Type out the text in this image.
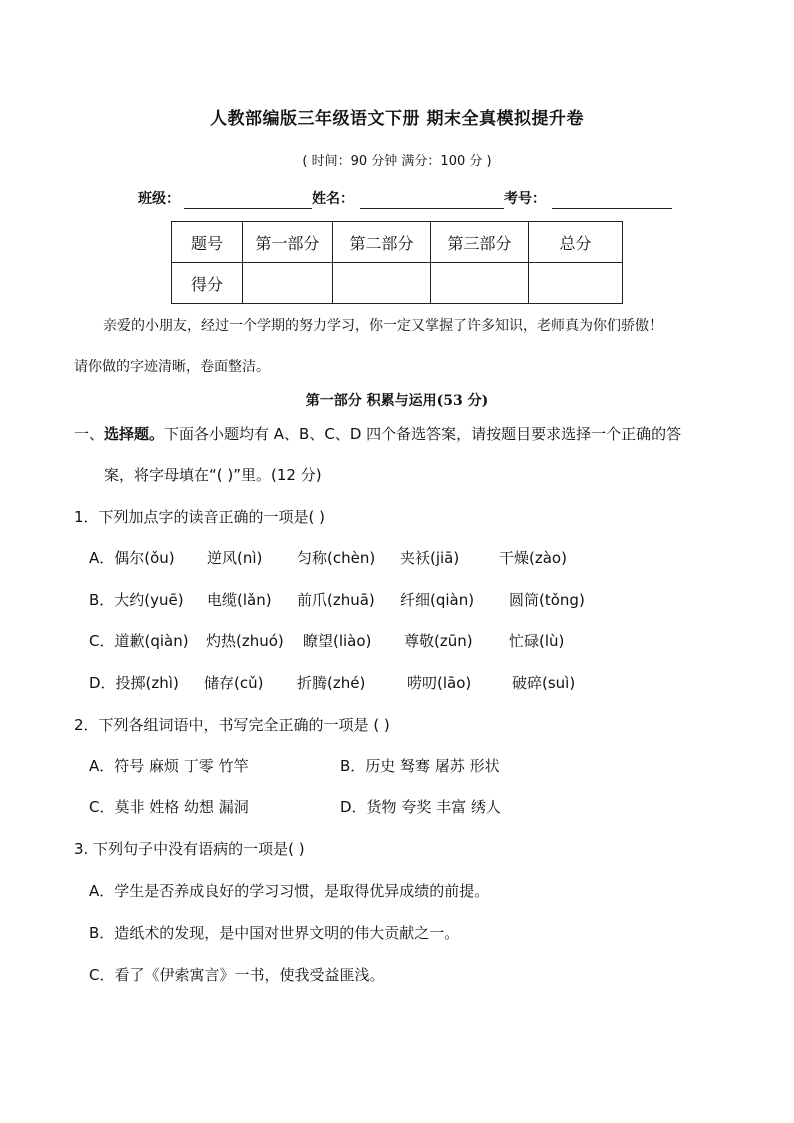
人教部编版三年级语文下册 期末全真模拟提升卷
( 时间：90 分钟 满分：100 分 )
班级：	姓名：	考号：
题号	第一部分	第二部分	第三部分	总分
得分				
亲爱的小朋友，经过一个学期的努力学习，你一定又掌握了许多知识，老师真为你们骄傲！
请你做的字迹清晰，卷面整洁。
第一部分 积累与运用(53 分)
一、选择题。下面各小题均有 A、B、C、D 四个备选答案，请按题目要求选择一个正确的答
案，将字母填在“( )”里。(12 分)
1．下列加点字的读音正确的一项是( )
A．偶尔(ǒu) 逆风(nì) 匀称(chèn) 夹袄(jiā)	干燥(zào)
B．大约(yuē) 电缆(lǎn) 前爪(zhuā) 纤细(qiàn) 圆筒(tǒng)
C．道歉(qiàn) 灼热(zhuó) 瞭望(liào) 尊敬(zūn) 忙碌(lù)
D．投掷(zhì) 储存(cǔ) 折腾(zhé)	唠叨(lāo)	破碎(suì)
2．下列各组词语中，书写完全正确的一项是 ( )
A．符号 麻烦 丁零 竹竿	B．历史 驽骞 屠苏 形状
C．莫非 姓格 幼想 漏洞	D．货物 夸奖 丰富 绣人
3. 下列句子中没有语病的一项是( )
A．学生是否养成良好的学习习惯，是取得优异成绩的前提。
B．造纸术的发现，是中国对世界文明的伟大贡献之一。
C．看了《伊索寓言》一书，使我受益匪浅。
